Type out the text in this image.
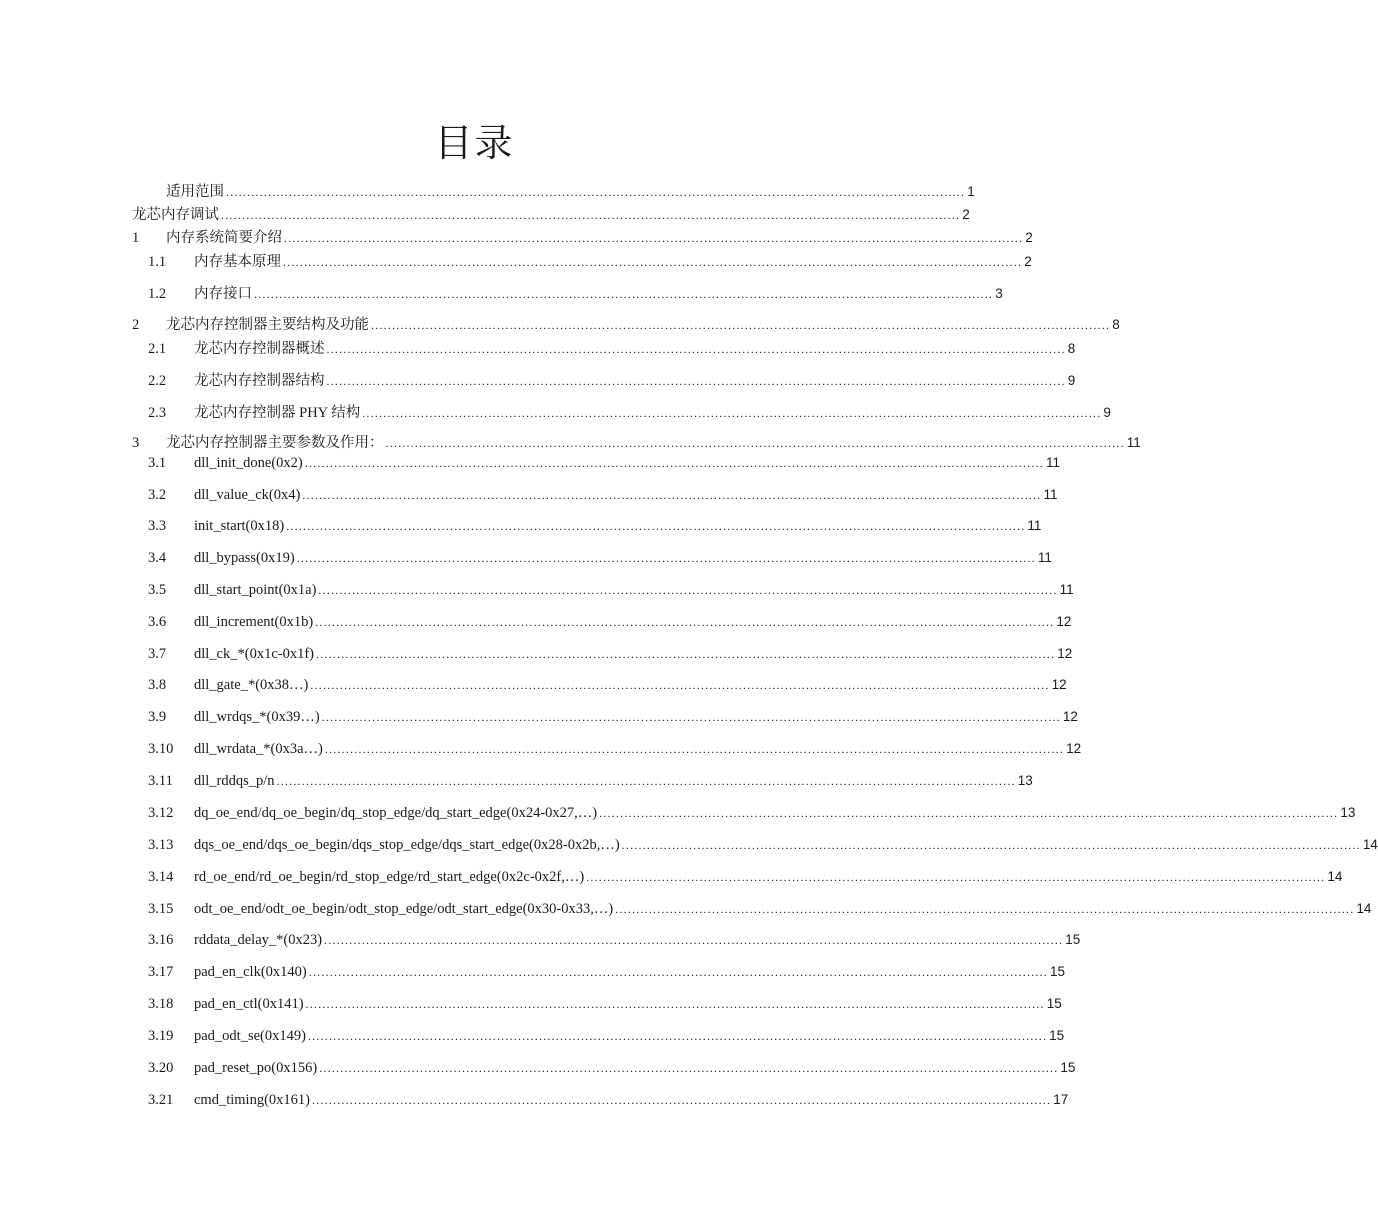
目录
适用范围 ................................................................................................................................................................................ 1
龙芯内存调试 ................................................................................................................................................................................ 2
1	内存系统简要介绍 ................................................................................................................................................................................ 2
1.1	内存基本原理 ................................................................................................................................................................................ 2
1.2	内存接口 ................................................................................................................................................................................ 3
2	龙芯内存控制器主要结构及功能 ................................................................................................................................................................................ 8
2.1	龙芯内存控制器概述 ................................................................................................................................................................................ 8
2.2	龙芯内存控制器结构 ................................................................................................................................................................................ 9
2.3	龙芯内存控制器 PHY 结构 ................................................................................................................................................................................ 9
3	龙芯内存控制器主要参数及作用： ................................................................................................................................................................................ 11
3.1	dll_init_done(0x2) ................................................................................................................................................................................ 11
3.2	dll_value_ck(0x4) ................................................................................................................................................................................ 11
3.3	init_start(0x18) ................................................................................................................................................................................ 11
3.4	dll_bypass(0x19) ................................................................................................................................................................................ 11
3.5	dll_start_point(0x1a) ................................................................................................................................................................................ 11
3.6	dll_increment(0x1b) ................................................................................................................................................................................ 12
3.7	dll_ck_*(0x1c-0x1f) ................................................................................................................................................................................ 12
3.8	dll_gate_*(0x38…) ................................................................................................................................................................................ 12
3.9	dll_wrdqs_*(0x39…) ................................................................................................................................................................................ 12
3.10	dll_wrdata_*(0x3a…) ................................................................................................................................................................................ 12
3.11	dll_rddqs_p/n ................................................................................................................................................................................ 13
3.12	dq_oe_end/dq_oe_begin/dq_stop_edge/dq_start_edge(0x24-0x27,…) ................................................................................................................................................................................ 13
3.13	dqs_oe_end/dqs_oe_begin/dqs_stop_edge/dqs_start_edge(0x28-0x2b,…) ................................................................................................................................................................................ 14
3.14	rd_oe_end/rd_oe_begin/rd_stop_edge/rd_start_edge(0x2c-0x2f,…) ................................................................................................................................................................................ 14
3.15	odt_oe_end/odt_oe_begin/odt_stop_edge/odt_start_edge(0x30-0x33,…) ................................................................................................................................................................................ 14
3.16	rddata_delay_*(0x23) ................................................................................................................................................................................ 15
3.17	pad_en_clk(0x140) ................................................................................................................................................................................ 15
3.18	pad_en_ctl(0x141) ................................................................................................................................................................................ 15
3.19	pad_odt_se(0x149) ................................................................................................................................................................................ 15
3.20	pad_reset_po(0x156) ................................................................................................................................................................................ 15
3.21	cmd_timing(0x161) ................................................................................................................................................................................ 17
